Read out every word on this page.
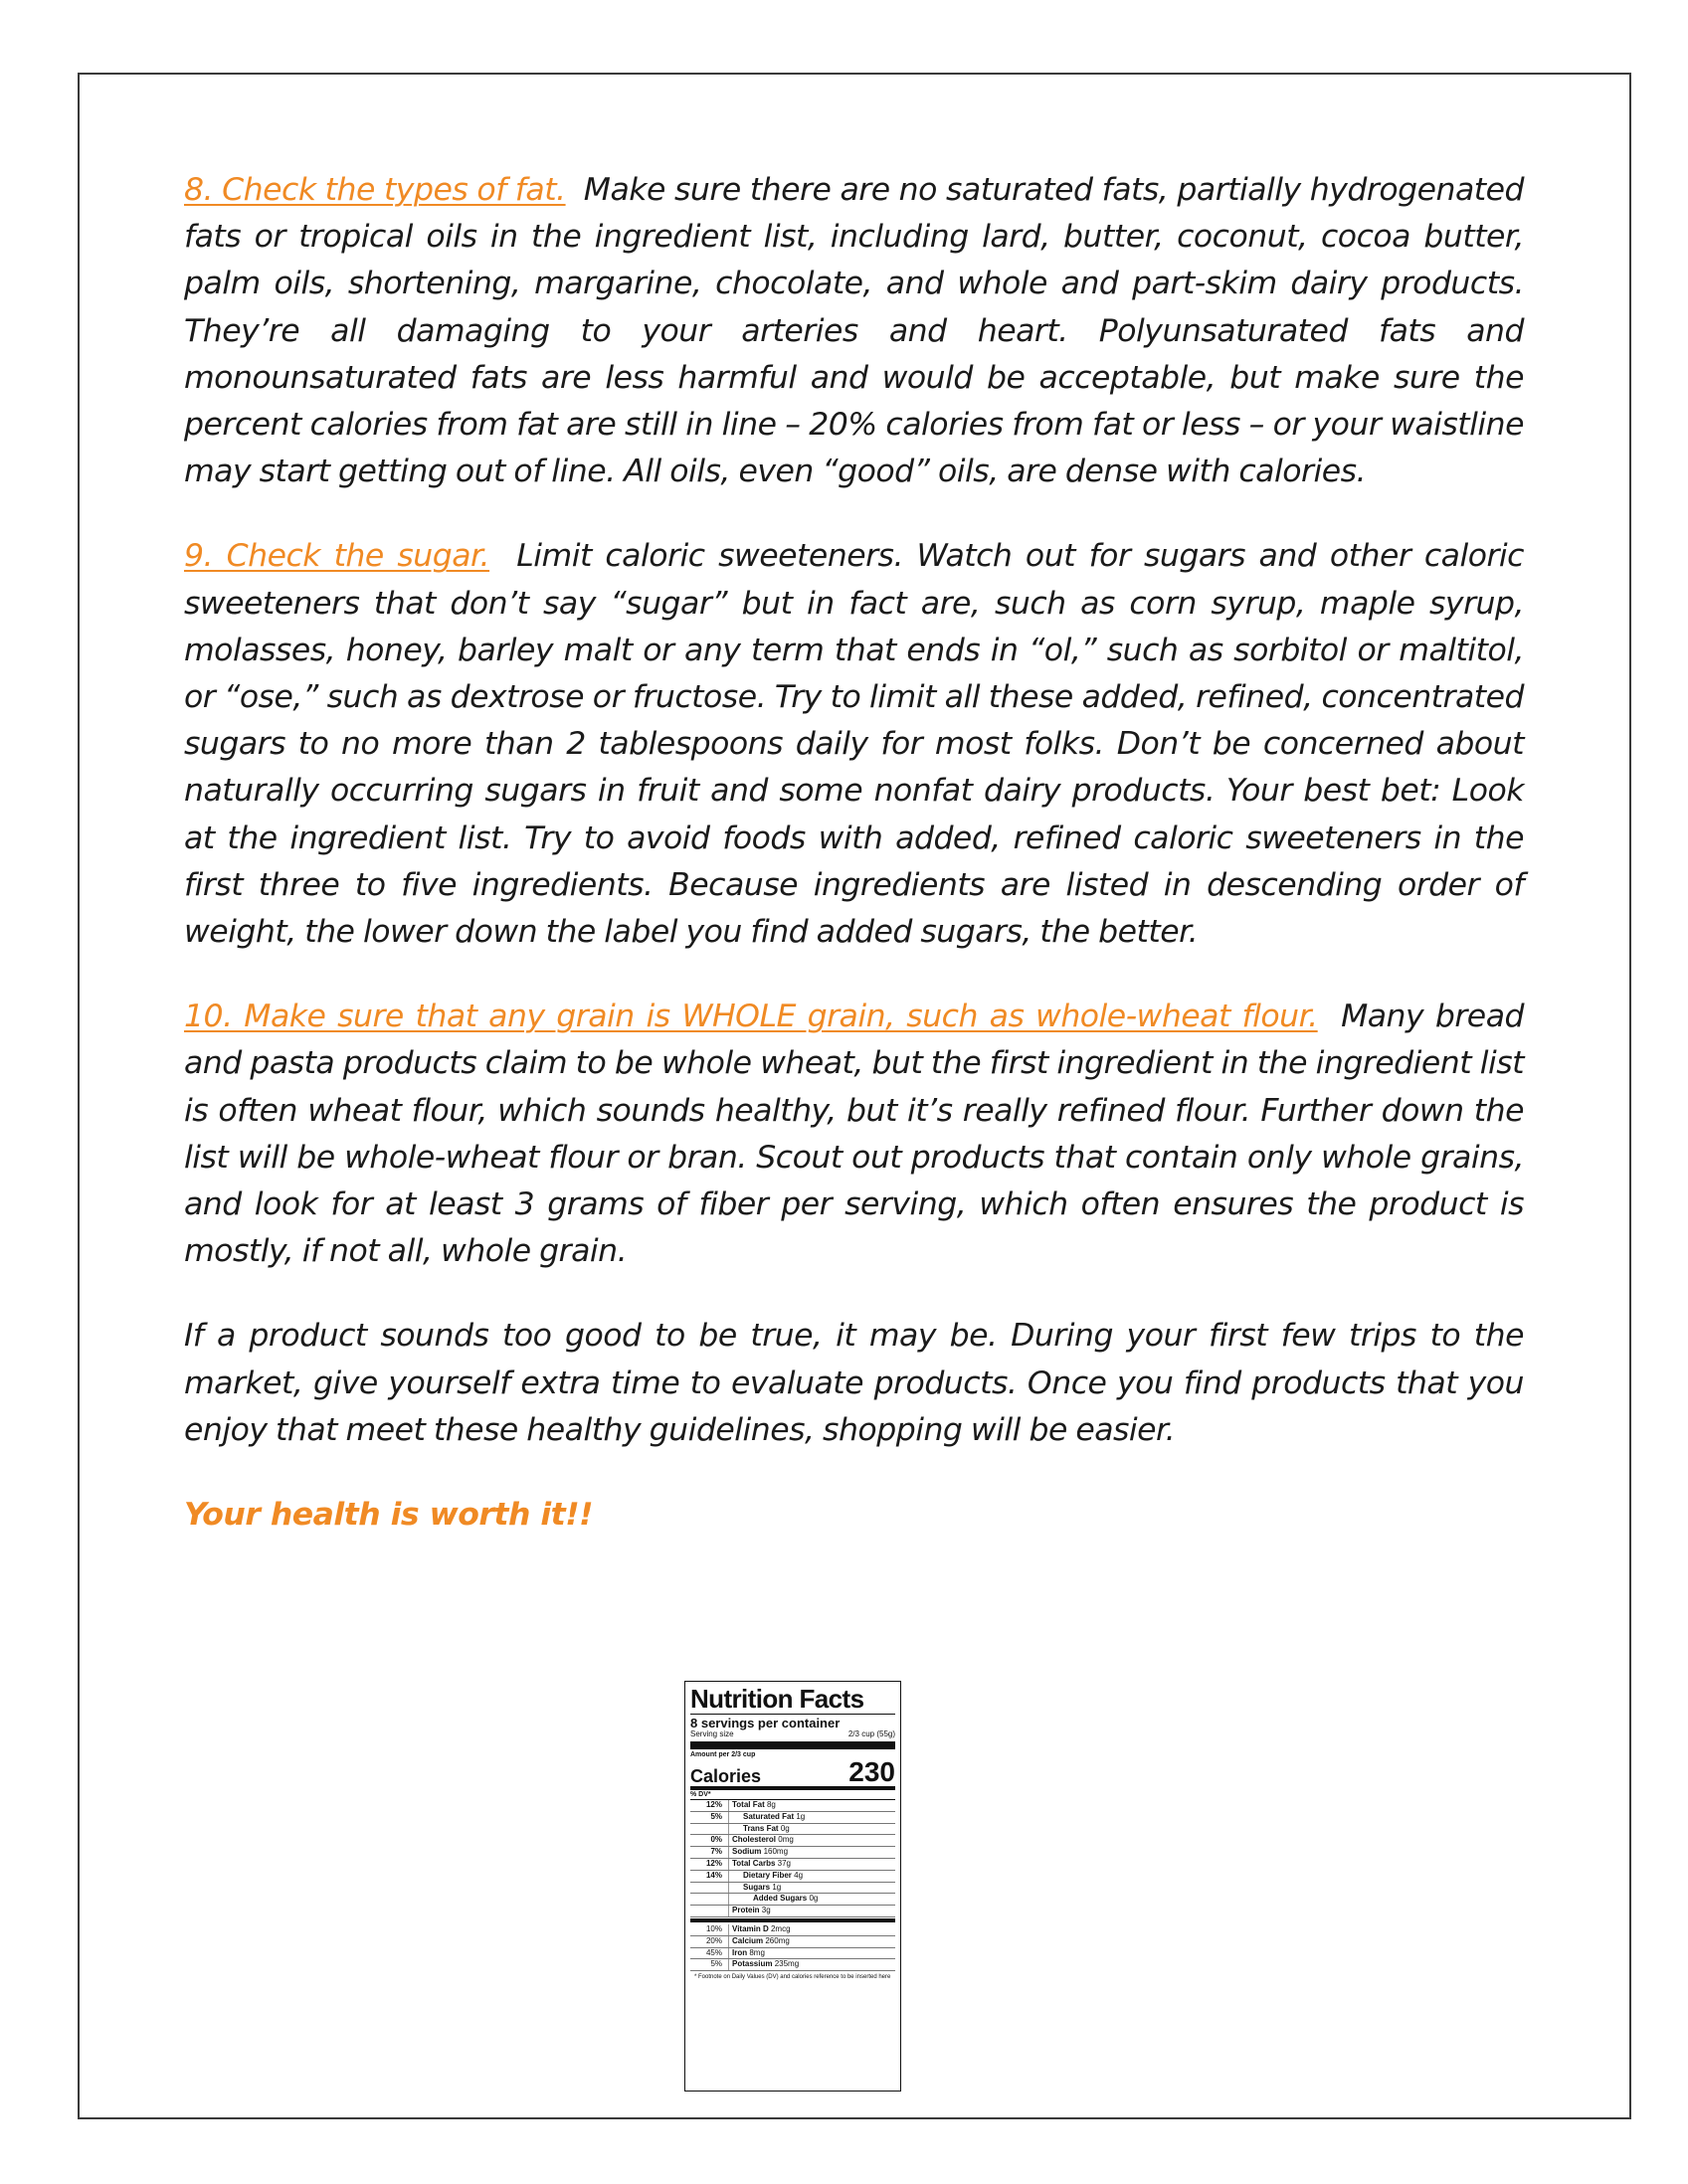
8. Check the types of fat. Make sure there are no saturated fats, partially hydrogenated fats or tropical oils in the ingredient list, including lard, butter, coconut, cocoa butter, palm oils, shortening, margarine, chocolate, and whole and part-skim dairy products. They’re all damaging to your arteries and heart. Polyunsaturated fats and monounsaturated fats are less harmful and would be acceptable, but make sure the percent calories from fat are still in line – 20% calories from fat or less – or your waistline may start getting out of line. All oils, even “good” oils, are dense with calories.

9. Check the sugar. Limit caloric sweeteners. Watch out for sugars and other caloric sweeteners that don’t say “sugar” but in fact are, such as corn syrup, maple syrup, molasses, honey, barley malt or any term that ends in “ol,” such as sorbitol or maltitol, or “ose,” such as dextrose or fructose. Try to limit all these added, refined, concentrated sugars to no more than 2 tablespoons daily for most folks. Don’t be concerned about naturally occurring sugars in fruit and some nonfat dairy products. Your best bet: Look at the ingredient list. Try to avoid foods with added, refined caloric sweeteners in the first three to five ingredients. Because ingredients are listed in descending order of weight, the lower down the label you find added sugars, the better.

10. Make sure that any grain is WHOLE grain, such as whole-wheat flour. Many bread and pasta products claim to be whole wheat, but the first ingredient in the ingredient list is often wheat flour, which sounds healthy, but it’s really refined flour. Further down the list will be whole-wheat flour or bran. Scout out products that contain only whole grains, and look for at least 3 grams of fiber per serving, which often ensures the product is mostly, if not all, whole grain.

If a product sounds too good to be true, it may be. During your first few trips to the market, give yourself extra time to evaluate products. Once you find products that you enjoy that meet these healthy guidelines, shopping will be easier.

Your health is worth it!!
Nutrition Facts
8 servings per container
Serving size	2/3 cup (55g)
Amount per 2/3 cup
Calories	230
% DV*
12%	Total Fat 8g
5%	Saturated Fat 1g
Trans Fat 0g
0%	Cholesterol 0mg
7%	Sodium 160mg
12%	Total Carbs 37g
14%	Dietary Fiber 4g
Sugars 1g
Added Sugars 0g
Protein 3g
10%	Vitamin D 2mcg
20%	Calcium 260mg
45%	Iron 8mg
5%	Potassium 235mg
* Footnote on Daily Values (DV) and calories reference to be inserted here
